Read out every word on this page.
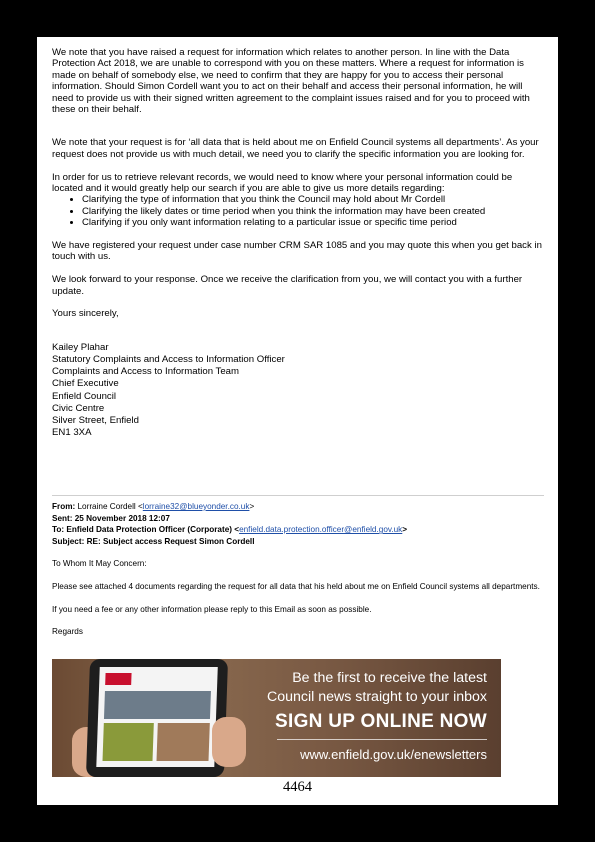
We note that you have raised a request for information which relates to another person. In line with the Data Protection Act 2018, we are unable to correspond with you on these matters. Where a request for information is made on behalf of somebody else, we need to confirm that they are happy for you to access their personal information. Should Simon Cordell want you to act on their behalf and access their personal information, he will need to provide us with their signed written agreement to the complaint issues raised and for you to proceed with these on their behalf.

We note that your request is for ‘all data that is held about me on Enfield Council systems all departments’. As your request does not provide us with much detail, we need you to clarify the specific information you are looking for.

In order for us to retrieve relevant records, we would need to know where your personal information could be located and it would greatly help our search if you are able to give us more details regarding:

• Clarifying the type of information that you think the Council may hold about Mr Cordell
• Clarifying the likely dates or time period when you think the information may have been created
• Clarifying if you only want information relating to a particular issue or specific time period

We have registered your request under case number CRM SAR 1085 and you may quote this when you get back in touch with us.

We look forward to your response. Once we receive the clarification from you, we will contact you with a further update.

Yours sincerely,

Kailey Plahar
Statutory Complaints and Access to Information Officer
Complaints and Access to Information Team
Chief Executive
Enfield Council
Civic Centre
Silver Street, Enfield
EN1 3XA
From: Lorraine Cordell <lorraine32@blueyonder.co.uk>
Sent: 25 November 2018 12:07
To: Enfield Data Protection Officer (Corporate) <enfield.data.protection.officer@enfield.gov.uk>
Subject: RE: Subject access Request Simon Cordell

To Whom It May Concern:

Please see attached 4 documents regarding the request for all data that his held about me on Enfield Council systems all departments.

If you need a fee or any other information please reply to this Email as soon as possible.

Regards
Be the first to receive the latest
Council news straight to your inbox
SIGN UP ONLINE NOW
www.enfield.gov.uk/enewsletters
4464
